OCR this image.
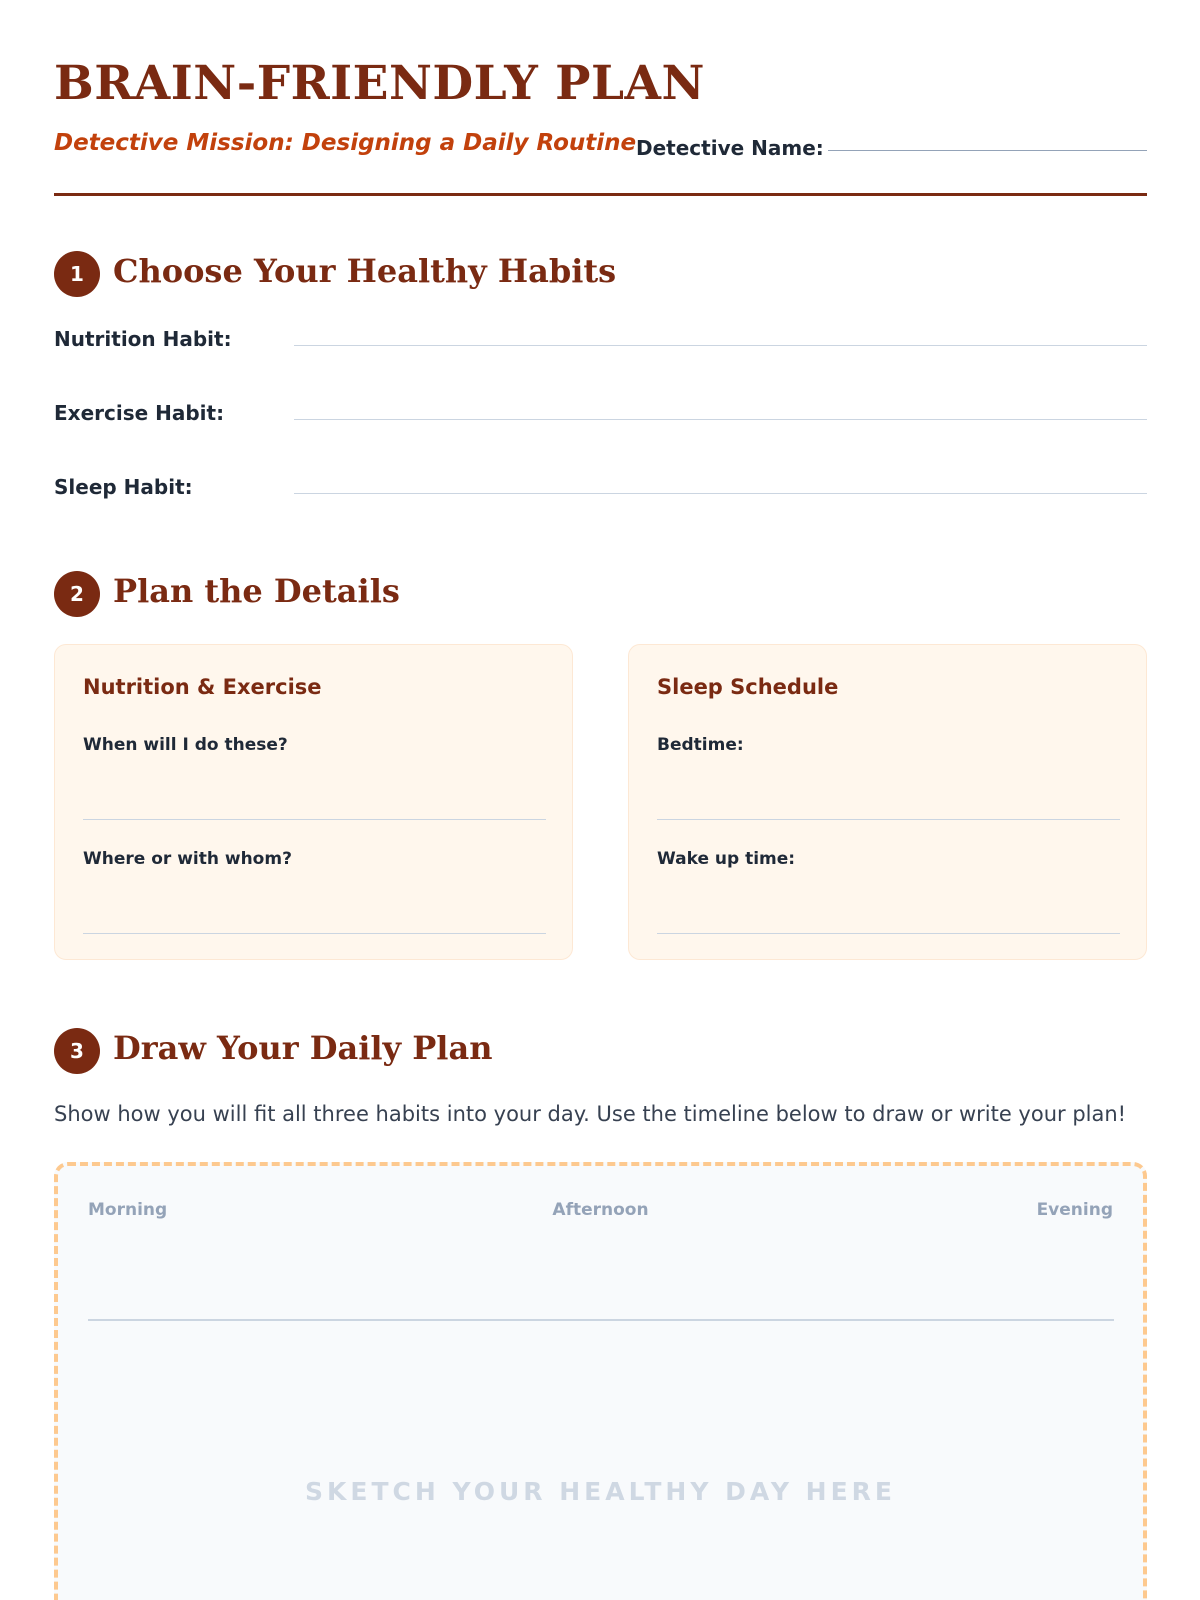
BRAIN-FRIENDLY PLAN
Detective Mission: Designing a Daily Routine Detective Name:
1 Choose Your Healthy Habits
Nutrition Habit:
Exercise Habit:
Sleep Habit:
2 Plan the Details
Nutrition & Exercise
When will I do these?
Where or with whom?
Sleep Schedule
Bedtime:
Wake up time:
3 Draw Your Daily Plan

Show how you will fit all three habits into your day. Use the timeline below to draw or write your plan!

Morning	Afternoon	Evening
SKETCH YOUR HEALTHY DAY HERE
